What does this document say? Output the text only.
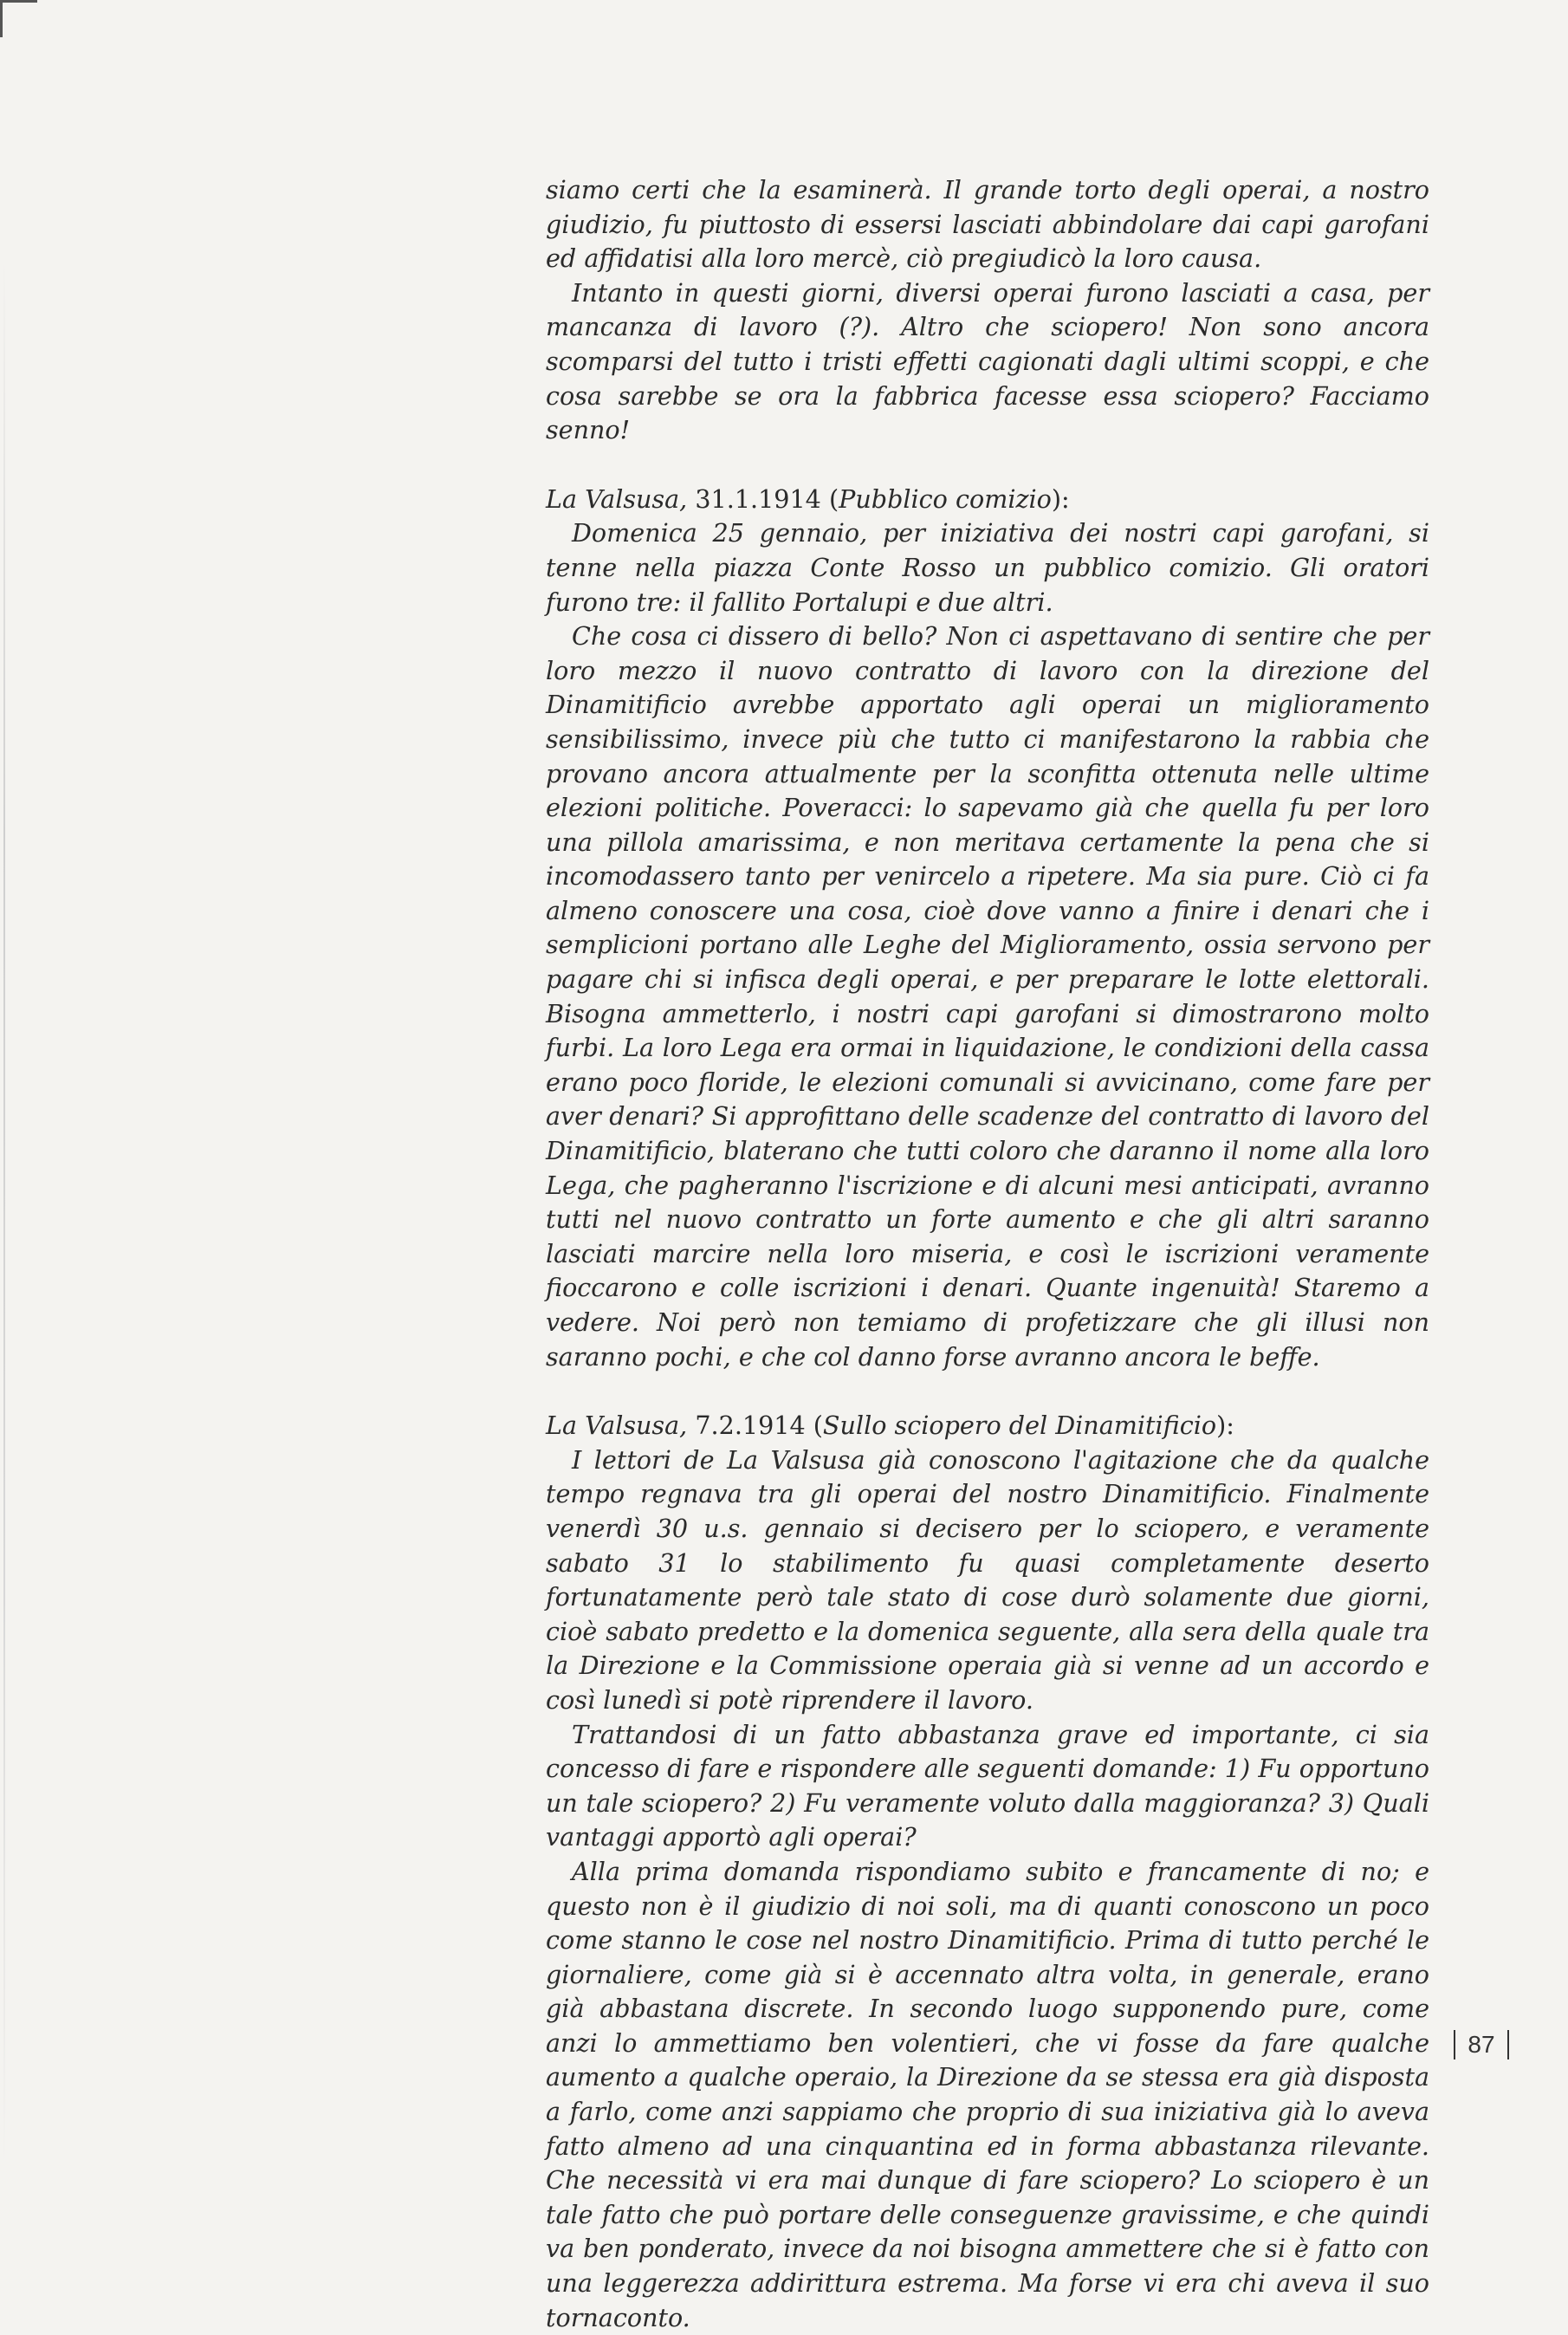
siamo certi che la esaminerà. Il grande torto degli operai, a nostro giudizio, fu piuttosto di essersi lasciati abbindolare dai capi garofani ed affidatisi alla loro mercè, ciò pregiudicò la loro causa.

Intanto in questi giorni, diversi operai furono lasciati a casa, per mancanza di lavoro (?). Altro che sciopero! Non sono ancora scomparsi del tutto i tristi effetti cagionati dagli ultimi scoppi, e che cosa sarebbe se ora la fabbrica facesse essa sciopero? Facciamo senno!

La Valsusa, 31.1.1914 (Pubblico comizio):

Domenica 25 gennaio, per iniziativa dei nostri capi garofani, si tenne nella piazza Conte Rosso un pubblico comizio. Gli oratori furono tre: il fallito Portalupi e due altri.

Che cosa ci dissero di bello? Non ci aspettavano di sentire che per loro mezzo il nuovo contratto di lavoro con la direzione del Dinamitificio avrebbe apportato agli operai un miglioramento sensibilissimo, invece più che tutto ci manifestarono la rabbia che provano ancora attualmente per la sconfitta ottenuta nelle ultime elezioni politiche. Poveracci: lo sapevamo già che quella fu per loro una pillola amarissima, e non meritava certamente la pena che si incomodassero tanto per venircelo a ripetere. Ma sia pure. Ciò ci fa almeno conoscere una cosa, cioè dove vanno a finire i denari che i semplicioni portano alle Leghe del Miglioramento, ossia servono per pagare chi si infisca degli operai, e per preparare le lotte elettorali. Bisogna ammetterlo, i nostri capi garofani si dimostrarono molto furbi. La loro Lega era ormai in liquidazione, le condizioni della cassa erano poco floride, le elezioni comunali si avvicinano, come fare per aver denari? Si approfittano delle scadenze del contratto di lavoro del Dinamitificio, blaterano che tutti coloro che daranno il nome alla loro Lega, che pagheranno l'iscrizione e di alcuni mesi anticipati, avranno tutti nel nuovo contratto un forte aumento e che gli altri saranno lasciati marcire nella loro miseria, e così le iscrizioni veramente fioccarono e colle iscrizioni i denari. Quante ingenuità! Staremo a vedere. Noi però non temiamo di profetizzare che gli illusi non saranno pochi, e che col danno forse avranno ancora le beffe.

La Valsusa, 7.2.1914 (Sullo sciopero del Dinamitificio):

I lettori de La Valsusa già conoscono l'agitazione che da qualche tempo regnava tra gli operai del nostro Dinamitificio. Finalmente venerdì 30 u.s. gennaio si decisero per lo sciopero, e veramente sabato 31 lo stabilimento fu quasi completamente deserto fortunatamente però tale stato di cose durò solamente due giorni, cioè sabato predetto e la domenica seguente, alla sera della quale tra la Direzione e la Commissione operaia già si venne ad un accordo e così lunedì si potè riprendere il lavoro.

Trattandosi di un fatto abbastanza grave ed importante, ci sia concesso di fare e rispondere alle seguenti domande: 1) Fu opportuno un tale sciopero? 2) Fu veramente voluto dalla maggioranza? 3) Quali vantaggi apportò agli operai?

Alla prima domanda rispondiamo subito e francamente di no; e questo non è il giudizio di noi soli, ma di quanti conoscono un poco come stanno le cose nel nostro Dinamitificio. Prima di tutto perché le giornaliere, come già si è accennato altra volta, in generale, erano già abbastana discrete. In secondo luogo supponendo pure, come anzi lo ammettiamo ben volentieri, che vi fosse da fare qualche aumento a qualche operaio, la Direzione da se stessa era già disposta a farlo, come anzi sappiamo che proprio di sua iniziativa già lo aveva fatto almeno ad una cinquantina ed in forma abbastanza rilevante. Che necessità vi era mai dunque di fare sciopero? Lo sciopero è un tale fatto che può portare delle conseguenze gravissime, e che quindi va ben ponderato, invece da noi bisogna ammettere che si è fatto con una leggerezza addirittura estrema. Ma forse vi era chi aveva il suo tornaconto.

87
